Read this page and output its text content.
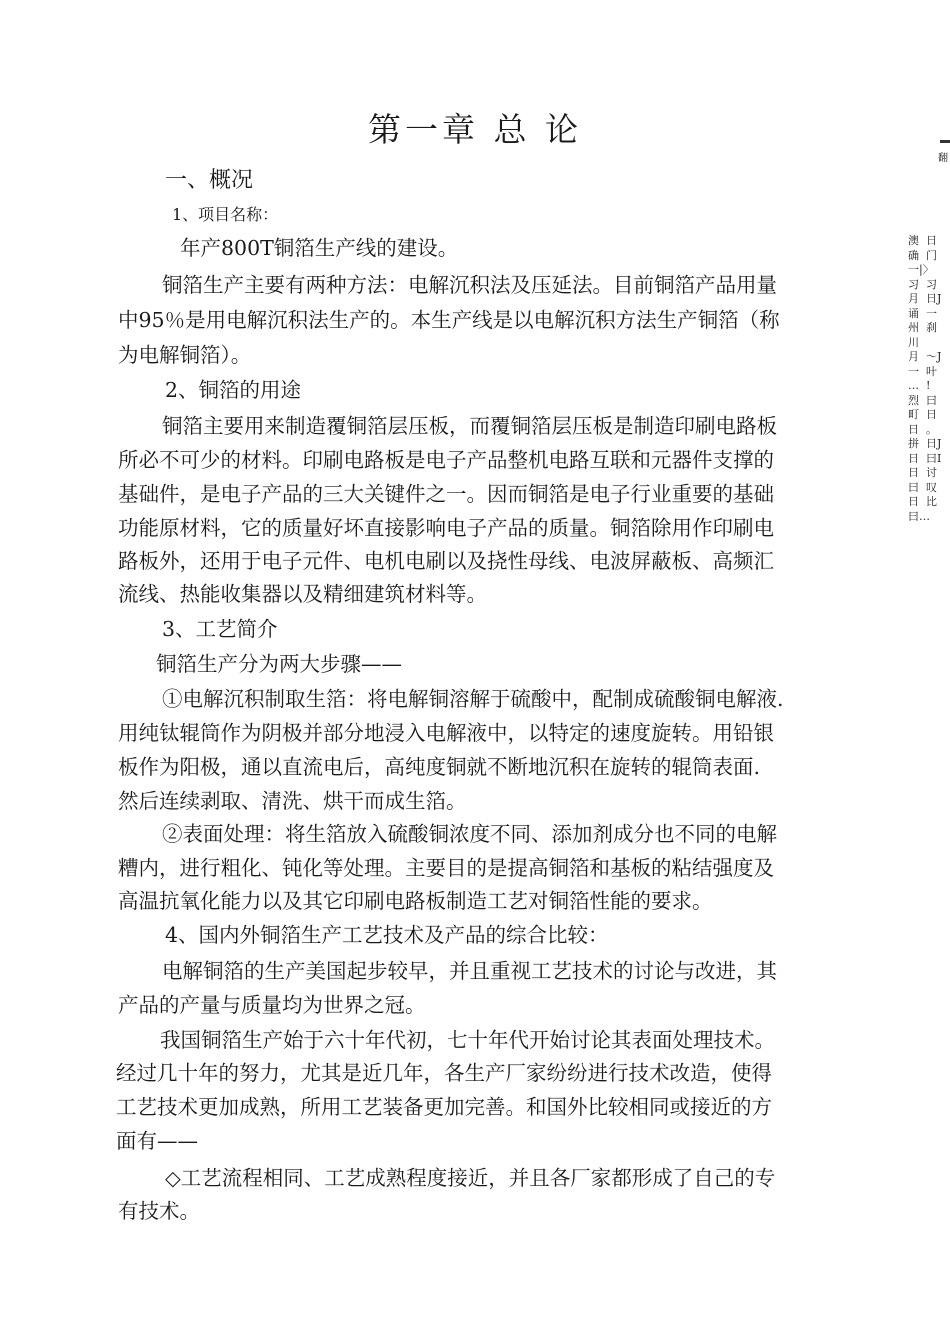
第一章 总 论

一、概况

1、项目名称：

年产800T铜箔生产线的建设。

铜箔生产主要有两种方法：电解沉积法及压延法。目前铜箔产品用量

中95％是用电解沉积法生产的。本生产线是以电解沉积方法生产铜箔（称

为电解铜箔）。

2、铜箔的用途

铜箔主要用来制造覆铜箔层压板，而覆铜箔层压板是制造印刷电路板

所必不可少的材料。印刷电路板是电子产品整机电路互联和元器件支撑的

基础件，是电子产品的三大关键件之一。因而铜箔是电子行业重要的基础

功能原材料，它的质量好坏直接影响电子产品的质量。铜箔除用作印刷电

路板外，还用于电子元件、电机电刷以及挠性母线、电波屏蔽板、高频汇

流线、热能收集器以及精细建筑材料等。

3、工艺简介

铜箔生产分为两大步骤——

①电解沉积制取生箔：将电解铜溶解于硫酸中，配制成硫酸铜电解液.

用纯钛辊筒作为阴极并部分地浸入电解液中，以特定的速度旋转。用铅银

板作为阳极，通以直流电后，高纯度铜就不断地沉积在旋转的辊筒表面.

然后连续剥取、清洗、烘干而成生箔。

②表面处理：将生箔放入硫酸铜浓度不同、添加剂成分也不同的电解

糟内，进行粗化、钝化等处理。主要目的是提高铜箔和基板的粘结强度及

高温抗氧化能力以及其它印刷电路板制造工艺对铜箔性能的要求。

4、国内外铜箔生产工艺技术及产品的综合比较：

电解铜箔的生产美国起步较早，并且重视工艺技术的讨论与改进，其

产品的产量与质量均为世界之冠。

我国铜箔生产始于六十年代初，七十年代开始讨论其表面处理技术。

经过几十年的努力，尤其是近几年，各生产厂家纷纷进行技术改造，使得

工艺技术更加成熟，所用工艺装备更加完善。和国外比较相同或接近的方

面有——

◇工艺流程相同、工艺成熟程度接近，并且各厂家都形成了自己的专

有技术。

翻
澳
确
一|〉
习
月
诵
州
川
月
一
…
烈
町
日
拼
日
日
曰
日
曰…
日
门

习
日J
一
刹

〜J
叶
!
曰
日
。
日J
曰I
讨
叹
比
